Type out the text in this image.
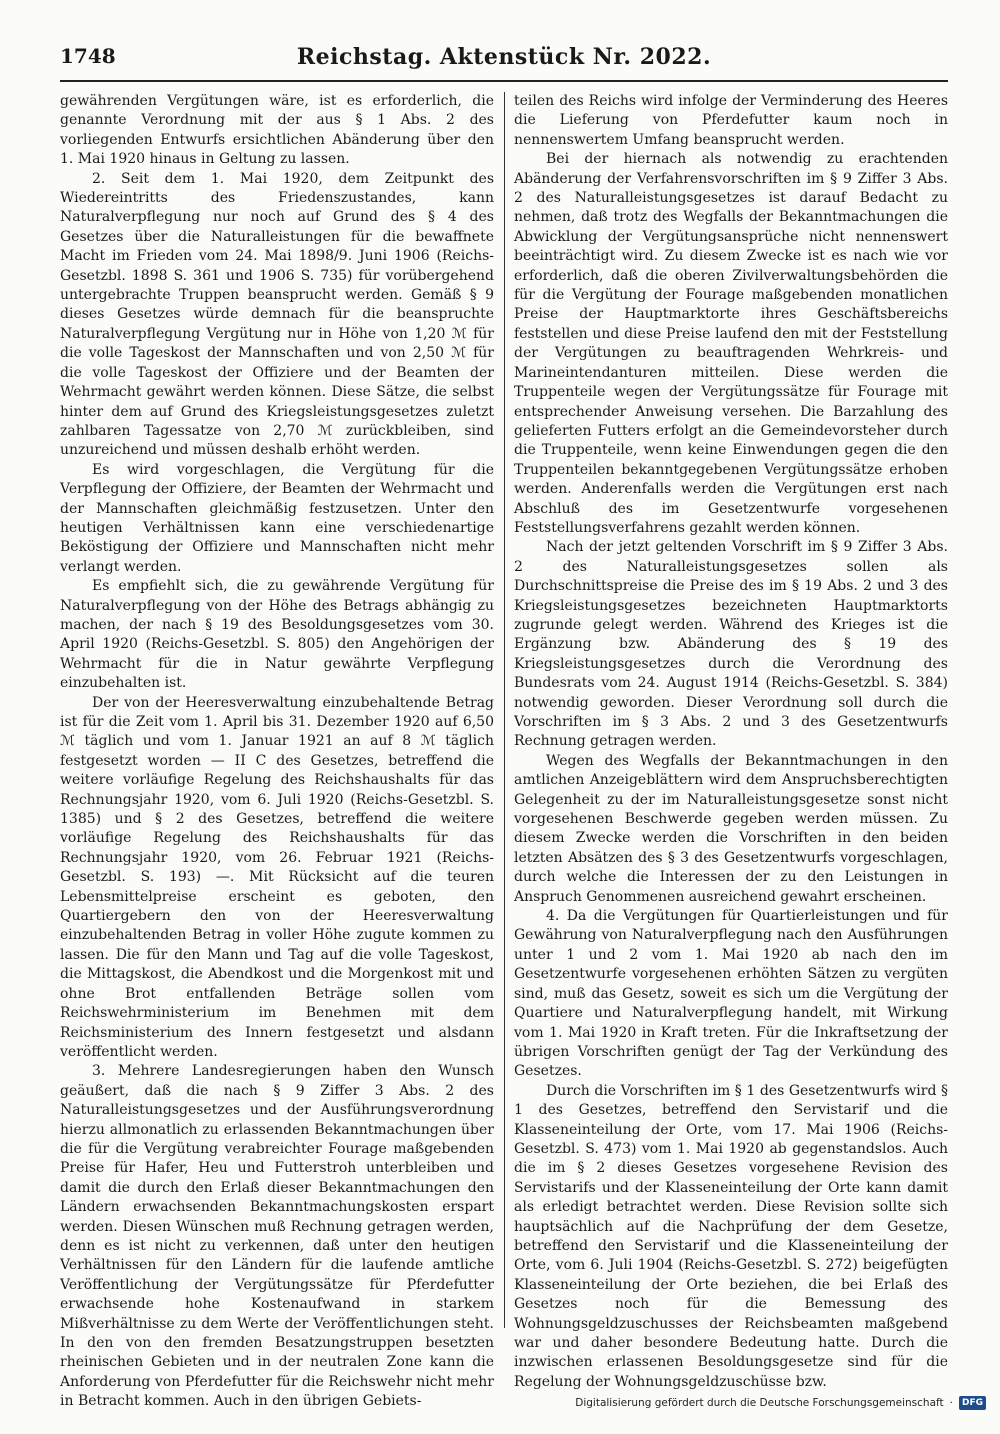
1748	Reichstag. Aktenstück Nr. 2022.

gewährenden Vergütungen wäre, ist es erforderlich, die genannte Verordnung mit der aus § 1 Abs. 2 des vorliegenden Entwurfs ersichtlichen Abänderung über den 1. Mai 1920 hinaus in Geltung zu lassen.

2. Seit dem 1. Mai 1920, dem Zeitpunkt des Wiedereintritts des Friedenszustandes, kann Naturalverpflegung nur noch auf Grund des § 4 des Gesetzes über die Naturalleistungen für die bewaffnete Macht im Frieden vom 24. Mai 1898/9. Juni 1906 (Reichs-Gesetzbl. 1898 S. 361 und 1906 S. 735) für vorübergehend untergebrachte Truppen beansprucht werden. Gemäß § 9 dieses Gesetzes würde demnach für die beanspruchte Naturalverpflegung Vergütung nur in Höhe von 1,20 ℳ für die volle Tageskost der Mannschaften und von 2,50 ℳ für die volle Tageskost der Offiziere und der Beamten der Wehrmacht gewährt werden können. Diese Sätze, die selbst hinter dem auf Grund des Kriegsleistungsgesetzes zuletzt zahlbaren Tagessatze von 2,70 ℳ zurückbleiben, sind unzureichend und müssen deshalb erhöht werden.

Es wird vorgeschlagen, die Vergütung für die Verpflegung der Offiziere, der Beamten der Wehrmacht und der Mannschaften gleichmäßig festzusetzen. Unter den heutigen Verhältnissen kann eine verschiedenartige Beköstigung der Offiziere und Mannschaften nicht mehr verlangt werden.

Es empfiehlt sich, die zu gewährende Vergütung für Naturalverpflegung von der Höhe des Betrags abhängig zu machen, der nach § 19 des Besoldungsgesetzes vom 30. April 1920 (Reichs-Gesetzbl. S. 805) den Angehörigen der Wehrmacht für die in Natur gewährte Verpflegung einzubehalten ist.

Der von der Heeresverwaltung einzubehaltende Betrag ist für die Zeit vom 1. April bis 31. Dezember 1920 auf 6,50 ℳ täglich und vom 1. Januar 1921 an auf 8 ℳ täglich festgesetzt worden — II C des Gesetzes, betreffend die weitere vorläufige Regelung des Reichshaushalts für das Rechnungsjahr 1920, vom 6. Juli 1920 (Reichs-Gesetzbl. S. 1385) und § 2 des Gesetzes, betreffend die weitere vorläufige Regelung des Reichshaushalts für das Rechnungsjahr 1920, vom 26. Februar 1921 (Reichs-Gesetzbl. S. 193) —. Mit Rücksicht auf die teuren Lebensmittelpreise erscheint es geboten, den Quartiergebern den von der Heeresverwaltung einzubehaltenden Betrag in voller Höhe zugute kommen zu lassen. Die für den Mann und Tag auf die volle Tageskost, die Mittagskost, die Abendkost und die Morgenkost mit und ohne Brot entfallenden Beträge sollen vom Reichswehrministerium im Benehmen mit dem Reichsministerium des Innern festgesetzt und alsdann veröffentlicht werden.

3. Mehrere Landesregierungen haben den Wunsch geäußert, daß die nach § 9 Ziffer 3 Abs. 2 des Naturalleistungsgesetzes und der Ausführungsverordnung hierzu allmonatlich zu erlassenden Bekanntmachungen über die für die Vergütung verabreichter Fourage maßgebenden Preise für Hafer, Heu und Futterstroh unterbleiben und damit die durch den Erlaß dieser Bekanntmachungen den Ländern erwachsenden Bekanntmachungskosten erspart werden. Diesen Wünschen muß Rechnung getragen werden, denn es ist nicht zu verkennen, daß unter den heutigen Verhältnissen für den Ländern für die laufende amtliche Veröffentlichung der Vergütungssätze für Pferdefutter erwachsende hohe Kostenaufwand in starkem Mißverhältnisse zu dem Werte der Veröffentlichungen steht. In den von den fremden Besatzungstruppen besetzten rheinischen Gebieten und in der neutralen Zone kann die Anforderung von Pferdefutter für die Reichswehr nicht mehr in Betracht kommen. Auch in den übrigen Gebiets-

teilen des Reichs wird infolge der Verminderung des Heeres die Lieferung von Pferdefutter kaum noch in nennenswertem Umfang beansprucht werden.

Bei der hiernach als notwendig zu erachtenden Abänderung der Verfahrensvorschriften im § 9 Ziffer 3 Abs. 2 des Naturalleistungsgesetzes ist darauf Bedacht zu nehmen, daß trotz des Wegfalls der Bekanntmachungen die Abwicklung der Vergütungsansprüche nicht nennenswert beeinträchtigt wird. Zu diesem Zwecke ist es nach wie vor erforderlich, daß die oberen Zivilverwaltungsbehörden die für die Vergütung der Fourage maßgebenden monatlichen Preise der Hauptmarktorte ihres Geschäftsbereichs feststellen und diese Preise laufend den mit der Feststellung der Vergütungen zu beauftragenden Wehrkreis- und Marineintendanturen mitteilen. Diese werden die Truppenteile wegen der Vergütungssätze für Fourage mit entsprechender Anweisung versehen. Die Barzahlung des gelieferten Futters erfolgt an die Gemeindevorsteher durch die Truppenteile, wenn keine Einwendungen gegen die den Truppenteilen bekanntgegebenen Vergütungssätze erhoben werden. Anderenfalls werden die Vergütungen erst nach Abschluß des im Gesetzentwurfe vorgesehenen Feststellungsverfahrens gezahlt werden können.

Nach der jetzt geltenden Vorschrift im § 9 Ziffer 3 Abs. 2 des Naturalleistungsgesetzes sollen als Durchschnittspreise die Preise des im § 19 Abs. 2 und 3 des Kriegsleistungsgesetzes bezeichneten Hauptmarktorts zugrunde gelegt werden. Während des Krieges ist die Ergänzung bzw. Abänderung des § 19 des Kriegsleistungsgesetzes durch die Verordnung des Bundesrats vom 24. August 1914 (Reichs-Gesetzbl. S. 384) notwendig geworden. Dieser Verordnung soll durch die Vorschriften im § 3 Abs. 2 und 3 des Gesetzentwurfs Rechnung getragen werden.

Wegen des Wegfalls der Bekanntmachungen in den amtlichen Anzeigeblättern wird dem Anspruchsberechtigten Gelegenheit zu der im Naturalleistungsgesetze sonst nicht vorgesehenen Beschwerde gegeben werden müssen. Zu diesem Zwecke werden die Vorschriften in den beiden letzten Absätzen des § 3 des Gesetzentwurfs vorgeschlagen, durch welche die Interessen der zu den Leistungen in Anspruch Genommenen ausreichend gewahrt erscheinen.

4. Da die Vergütungen für Quartierleistungen und für Gewährung von Naturalverpflegung nach den Ausführungen unter 1 und 2 vom 1. Mai 1920 ab nach den im Gesetzentwurfe vorgesehenen erhöhten Sätzen zu vergüten sind, muß das Gesetz, soweit es sich um die Vergütung der Quartiere und Naturalverpflegung handelt, mit Wirkung vom 1. Mai 1920 in Kraft treten. Für die Inkraftsetzung der übrigen Vorschriften genügt der Tag der Verkündung des Gesetzes.

Durch die Vorschriften im § 1 des Gesetzentwurfs wird § 1 des Gesetzes, betreffend den Servistarif und die Klasseneinteilung der Orte, vom 17. Mai 1906 (Reichs-Gesetzbl. S. 473) vom 1. Mai 1920 ab gegenstandslos. Auch die im § 2 dieses Gesetzes vorgesehene Revision des Servistarifs und der Klasseneinteilung der Orte kann damit als erledigt betrachtet werden. Diese Revision sollte sich hauptsächlich auf die Nachprüfung der dem Gesetze, betreffend den Servistarif und die Klasseneinteilung der Orte, vom 6. Juli 1904 (Reichs-Gesetzbl. S. 272) beigefügten Klasseneinteilung der Orte beziehen, die bei Erlaß des Gesetzes noch für die Bemessung des Wohnungsgeldzuschusses der Reichsbeamten maßgebend war und daher besondere Bedeutung hatte. Durch die inzwischen erlassenen Besoldungsgesetze sind für die Regelung der Wohnungsgeldzuschüsse bzw.

Digitalisierung gefördert durch die Deutsche Forschungsgemeinschaft ·	DFG
